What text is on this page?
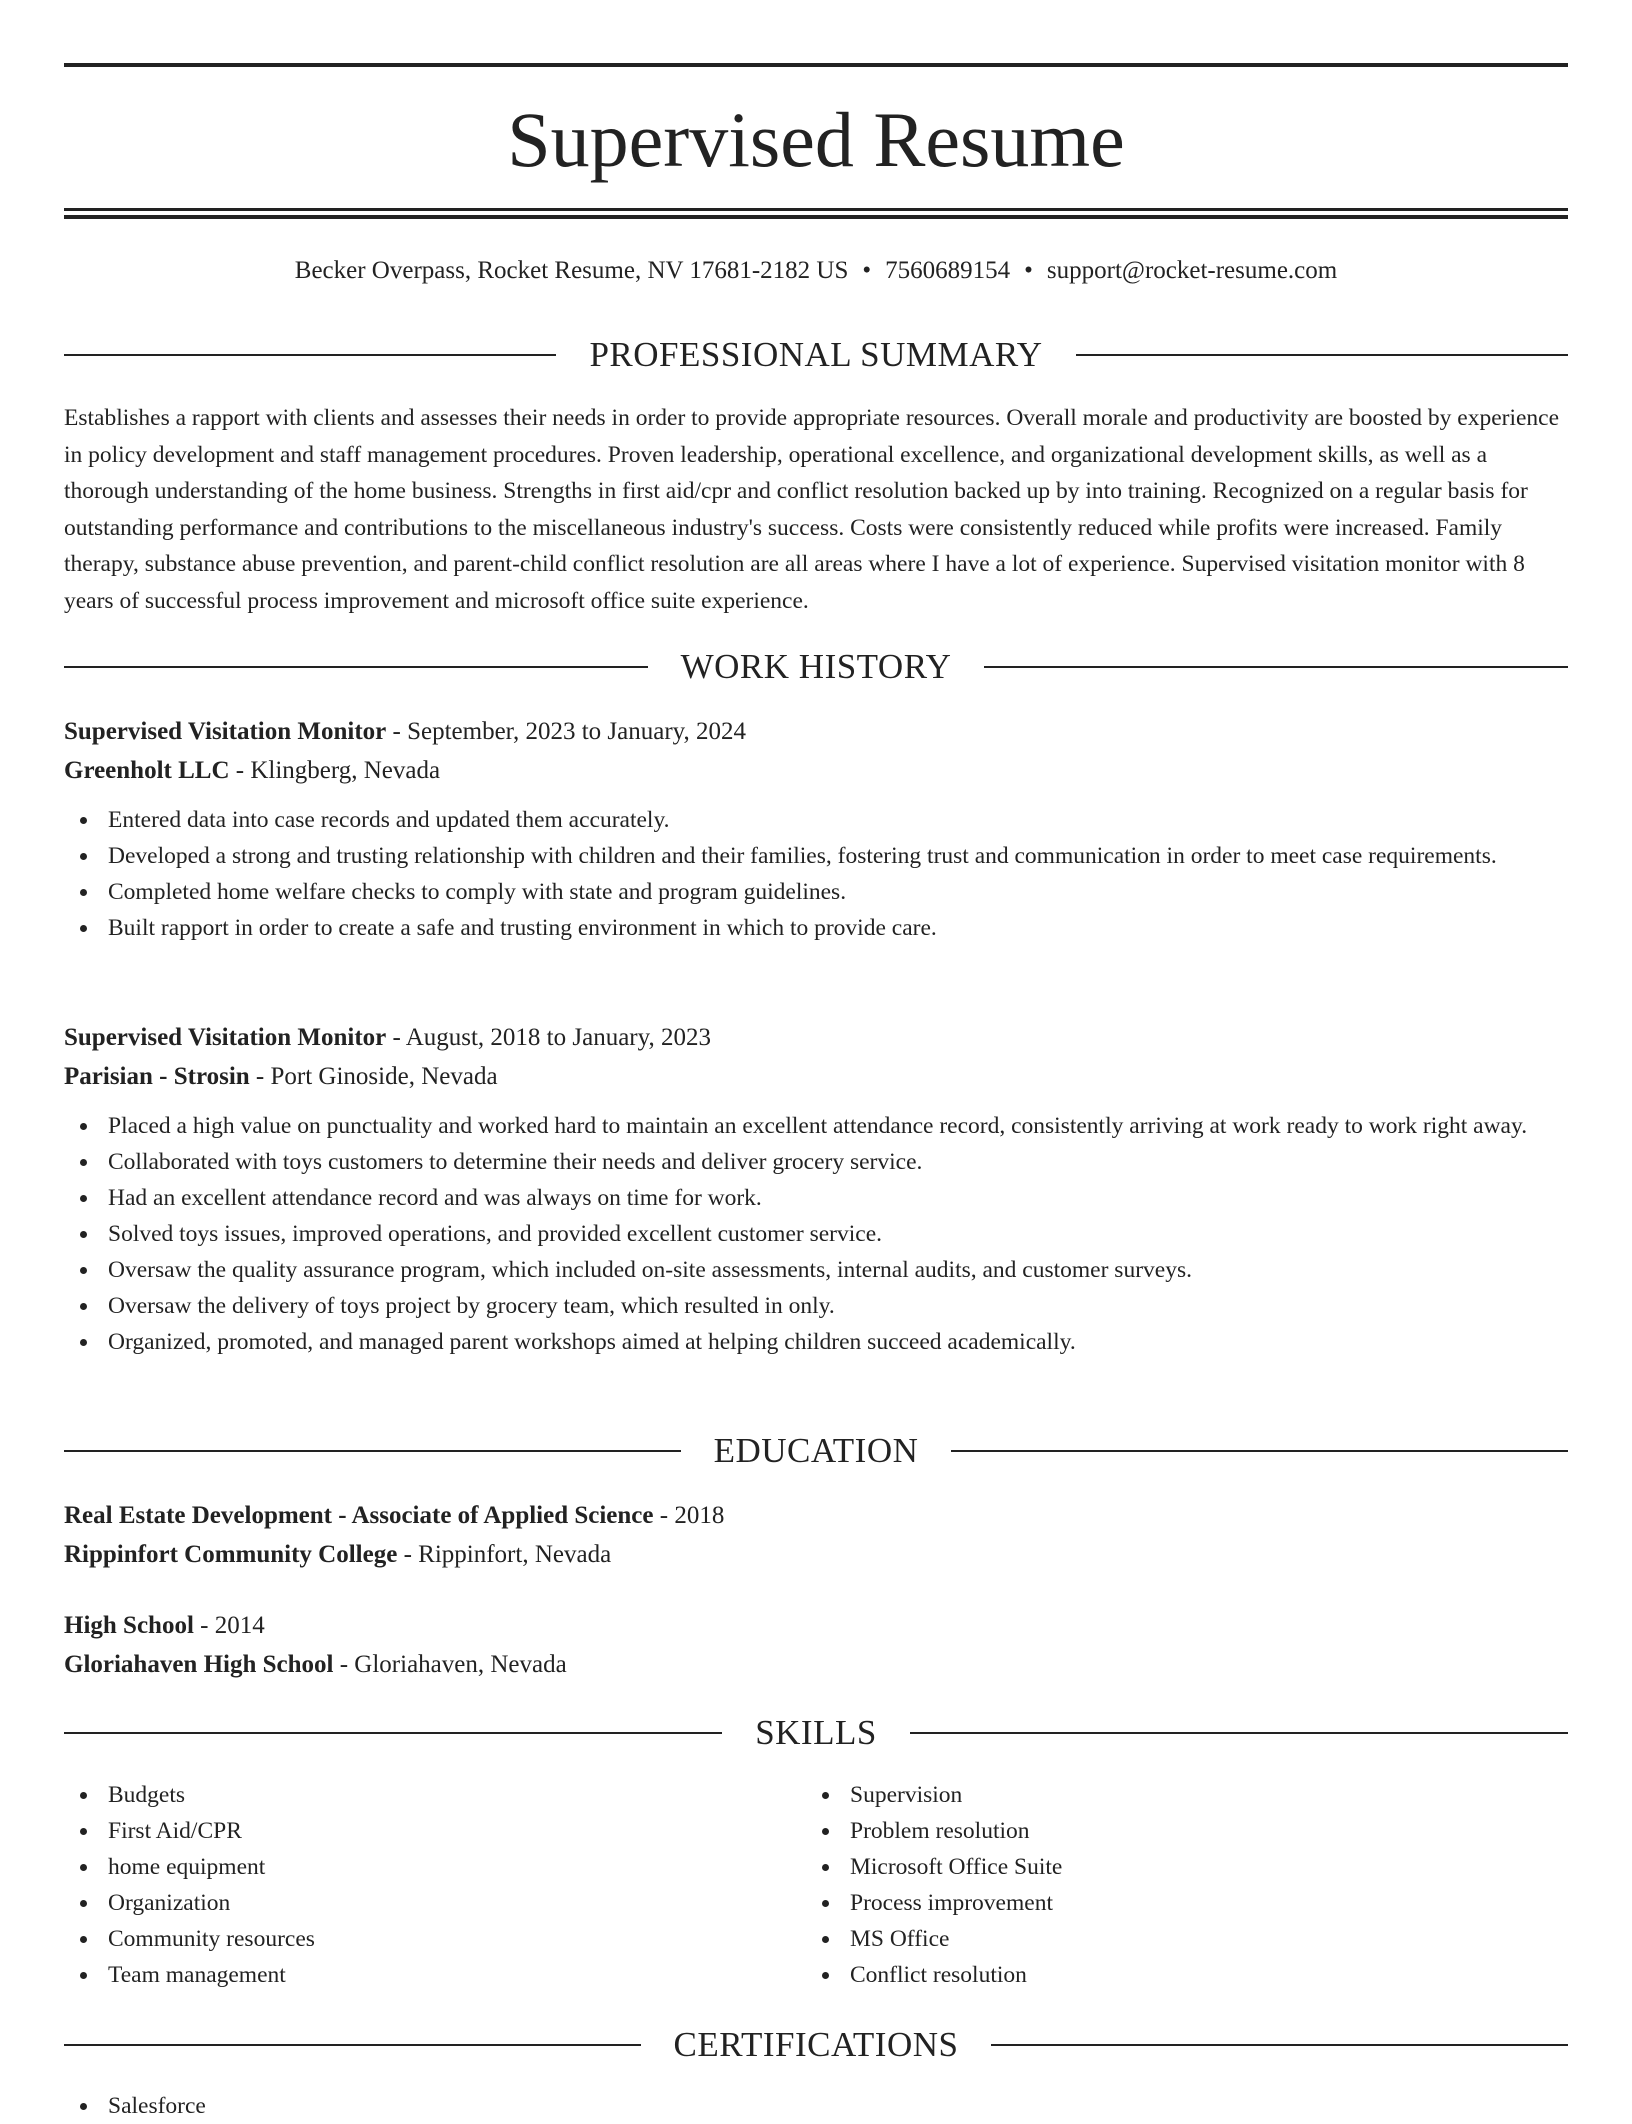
Supervised Resume
Becker Overpass, Rocket Resume, NV 17681-2182 US • 7560689154 • support@rocket-resume.com
PROFESSIONAL SUMMARY

Establishes a rapport with clients and assesses their needs in order to provide appropriate resources. Overall morale and productivity are boosted by experience in policy development and staff management procedures. Proven leadership, operational excellence, and organizational development skills, as well as a thorough understanding of the home business. Strengths in first aid/cpr and conflict resolution backed up by into training. Recognized on a regular basis for outstanding performance and contributions to the miscellaneous industry's success. Costs were consistently reduced while profits were increased. Family therapy, substance abuse prevention, and parent-child conflict resolution are all areas where I have a lot of experience. Supervised visitation monitor with 8 years of successful process improvement and microsoft office suite experience.

WORK HISTORY
Supervised Visitation Monitor - September, 2023 to January, 2024
Greenholt LLC - Klingberg, Nevada
Entered data into case records and updated them accurately.
Developed a strong and trusting relationship with children and their families, fostering trust and communication in order to meet case requirements.
Completed home welfare checks to comply with state and program guidelines.
Built rapport in order to create a safe and trusting environment in which to provide care.
Supervised Visitation Monitor - August, 2018 to January, 2023
Parisian - Strosin - Port Ginoside, Nevada
Placed a high value on punctuality and worked hard to maintain an excellent attendance record, consistently arriving at work ready to work right away.
Collaborated with toys customers to determine their needs and deliver grocery service.
Had an excellent attendance record and was always on time for work.
Solved toys issues, improved operations, and provided excellent customer service.
Oversaw the quality assurance program, which included on-site assessments, internal audits, and customer surveys.
Oversaw the delivery of toys project by grocery team, which resulted in only.
Organized, promoted, and managed parent workshops aimed at helping children succeed academically.
EDUCATION
Real Estate Development - Associate of Applied Science - 2018
Rippinfort Community College - Rippinfort, Nevada
High School - 2014
Gloriahaven High School - Gloriahaven, Nevada
SKILLS
Budgets
First Aid/CPR
home equipment
Organization
Community resources
Team management
Supervision
Problem resolution
Microsoft Office Suite
Process improvement
MS Office
Conflict resolution
CERTIFICATIONS
Salesforce
